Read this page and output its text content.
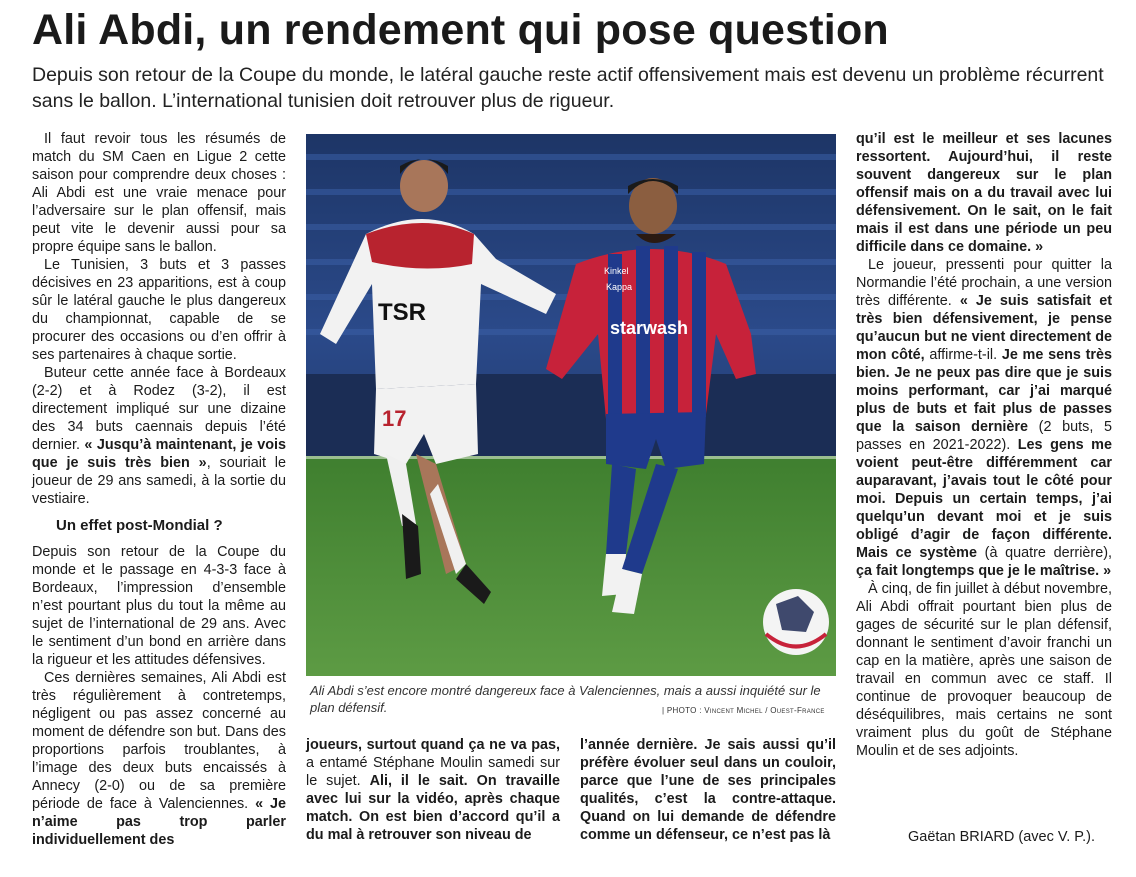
Ali Abdi, un rendement qui pose question

Depuis son retour de la Coupe du monde, le latéral gauche reste actif offensivement mais est devenu un problème récurrent sans le ballon. L’international tunisien doit retrouver plus de rigueur.

Il faut revoir tous les résumés de match du SM Caen en Ligue 2 cette saison pour comprendre deux choses : Ali Abdi est une vraie menace pour l’adversaire sur le plan offensif, mais peut vite le devenir aussi pour sa propre équipe sans le ballon.

Le Tunisien, 3 buts et 3 passes décisives en 23 apparitions, est à coup sûr le latéral gauche le plus dangereux du championnat, capable de se procurer des occasions ou d’en offrir à ses partenaires à chaque sortie.

Buteur cette année face à Bordeaux (2-2) et à Rodez (3-2), il est directement impliqué sur une dizaine des 34 buts caennais depuis l’été dernier. « Jusqu’à maintenant, je vois que je suis très bien », souriait le joueur de 29 ans samedi, à la sortie du vestiaire.

Un effet post-Mondial ?

Depuis son retour de la Coupe du monde et le passage en 4-3-3 face à Bordeaux, l’impression d’ensemble n’est pourtant plus du tout la même au sujet de l’international de 29 ans. Avec le sentiment d’un bond en arrière dans la rigueur et les attitudes défensives.

Ces dernières semaines, Ali Abdi est très régulièrement à contretemps, négligent ou pas assez concerné au moment de défendre son but. Dans des proportions parfois troublantes, à l’image des deux buts encaissés à Annecy (2-0) ou de sa première période de face à Valenciennes. « Je n’aime pas trop parler individuellement des

TSR
17
starwash
Kinkel
Kappa

Ali Abdi s’est encore montré dangereux face à Valenciennes, mais a aussi inquiété sur le plan défensif.	| PHOTO : Vincent Michel / Ouest-France

joueurs, surtout quand ça ne va pas, a entamé Stéphane Moulin samedi sur le sujet. Ali, il le sait. On travaille avec lui sur la vidéo, après chaque match. On est bien d’accord qu’il a du mal à retrouver son niveau de

l’année dernière. Je sais aussi qu’il préfère évoluer seul dans un couloir, parce que l’une de ses principales qualités, c’est la contre-attaque. Quand on lui demande de défendre comme un défenseur, ce n’est pas là

qu’il est le meilleur et ses lacunes ressortent. Aujourd’hui, il reste souvent dangereux sur le plan offensif mais on a du travail avec lui défensivement. On le sait, on le fait mais il est dans une période un peu difficile dans ce domaine. »

Le joueur, pressenti pour quitter la Normandie l’été prochain, a une version très différente. « Je suis satisfait et très bien défensivement, je pense qu’aucun but ne vient directement de mon côté, affirme-t-il. Je me sens très bien. Je ne peux pas dire que je suis moins performant, car j’ai marqué plus de buts et fait plus de passes que la saison dernière (2 buts, 5 passes en 2021-2022). Les gens me voient peut-être différemment car auparavant, j’avais tout le côté pour moi. Depuis un certain temps, j’ai quelqu’un devant moi et je suis obligé d’agir de façon différente. Mais ce système (à quatre derrière), ça fait longtemps que je le maîtrise. »

À cinq, de fin juillet à début novembre, Ali Abdi offrait pourtant bien plus de gages de sécurité sur le plan défensif, donnant le sentiment d’avoir franchi un cap en la matière, après une saison de travail en commun avec ce staff. Il continue de provoquer beaucoup de déséquilibres, mais certains ne sont vraiment plus du goût de Stéphane Moulin et de ses adjoints.

Gaëtan BRIARD (avec V. P.).
